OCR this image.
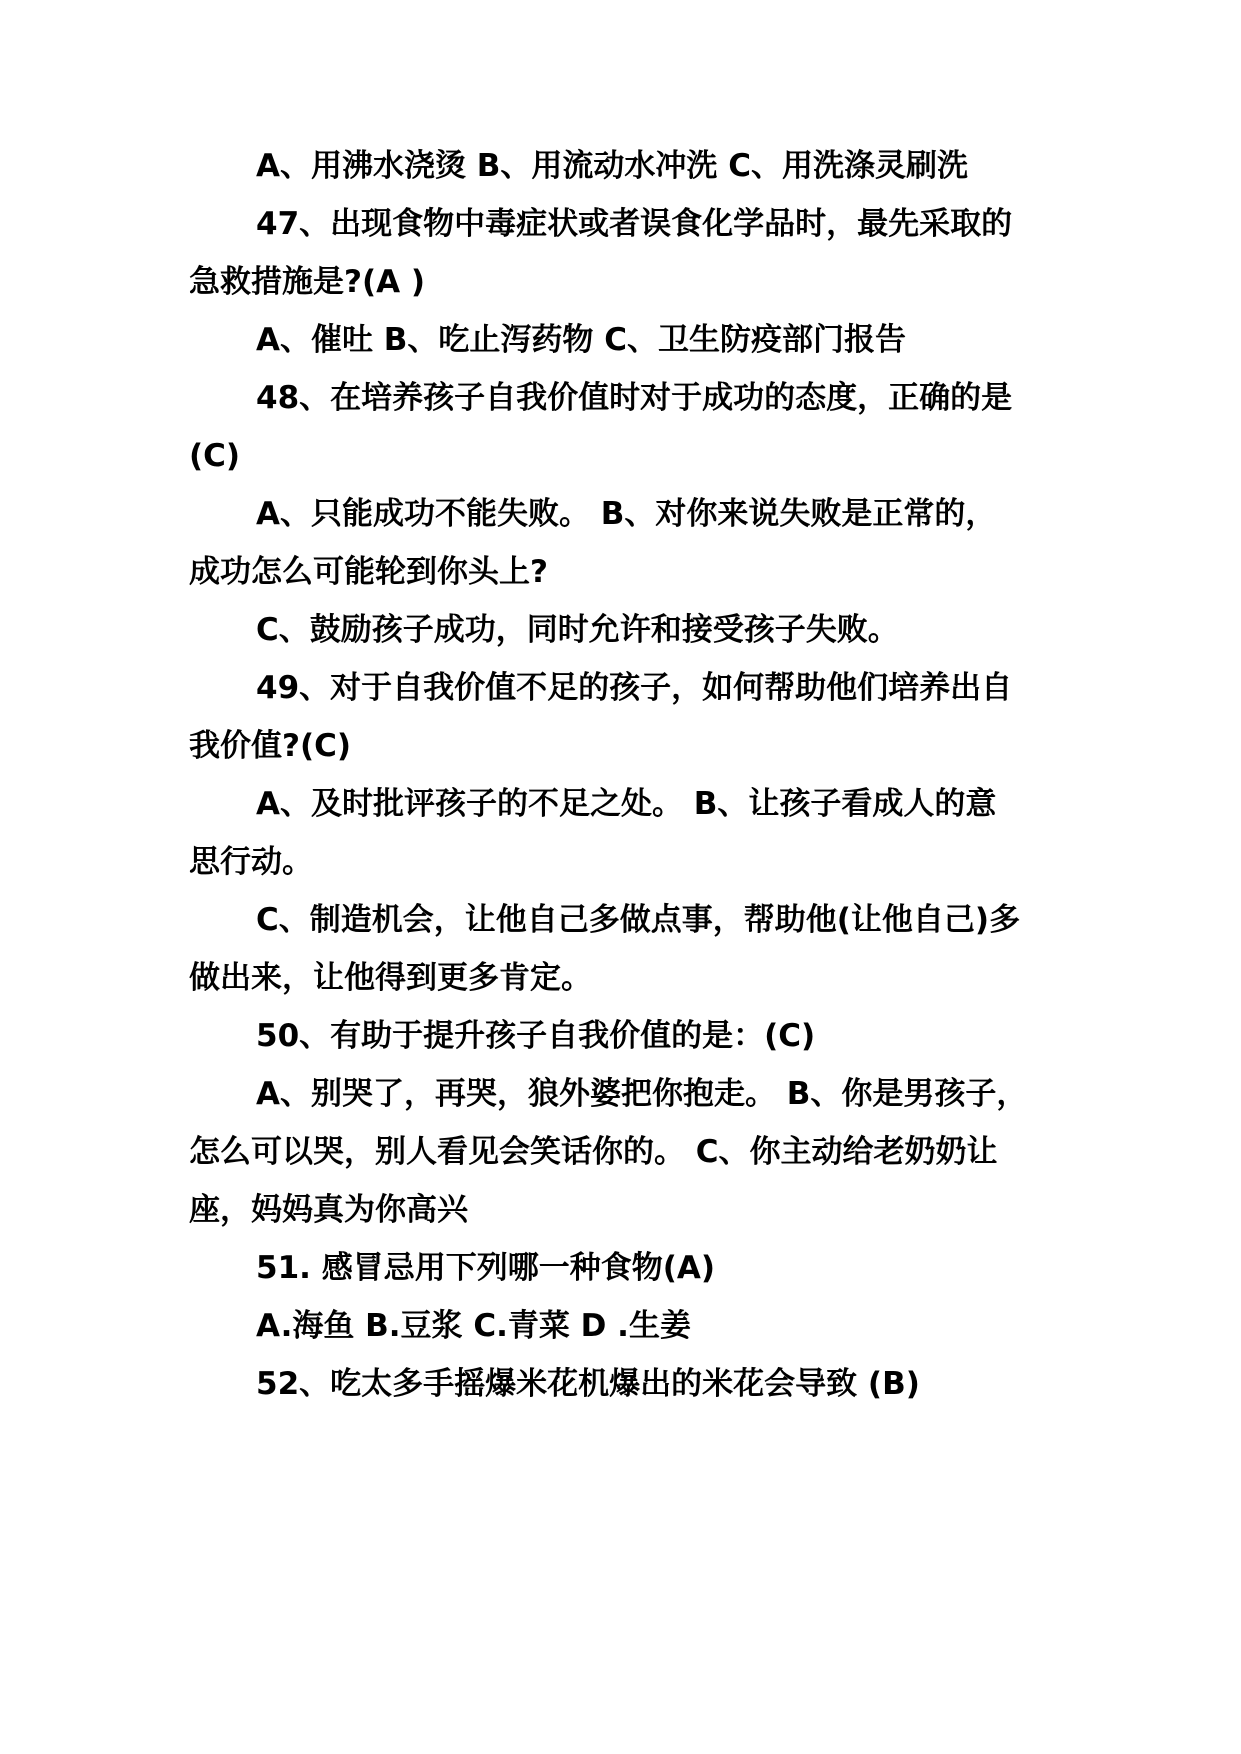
A、用沸水浇烫 B、用流动水冲洗 C、用洗涤灵刷洗
47、出现食物中毒症状或者误食化学品时，最先采取的
急救措施是?(A )
A、催吐 B、吃止泻药物 C、卫生防疫部门报告
48、在培养孩子自我价值时对于成功的态度，正确的是
(C)
A、只能成功不能失败。 B、对你来说失败是正常的，
成功怎么可能轮到你头上?
C、鼓励孩子成功，同时允许和接受孩子失败。
49、对于自我价值不足的孩子，如何帮助他们培养出自
我价值?(C)
A、及时批评孩子的不足之处。 B、让孩子看成人的意
思行动。
C、制造机会，让他自己多做点事，帮助他(让他自己)多
做出来，让他得到更多肯定。
50、有助于提升孩子自我价值的是：(C)
A、别哭了，再哭，狼外婆把你抱走。 B、你是男孩子，
怎么可以哭，别人看见会笑话你的。 C、你主动给老奶奶让
座，妈妈真为你高兴
51. 感冒忌用下列哪一种食物(A)
A.海鱼 B.豆浆 C.青菜 D .生姜
52、吃太多手摇爆米花机爆出的米花会导致 (B)
